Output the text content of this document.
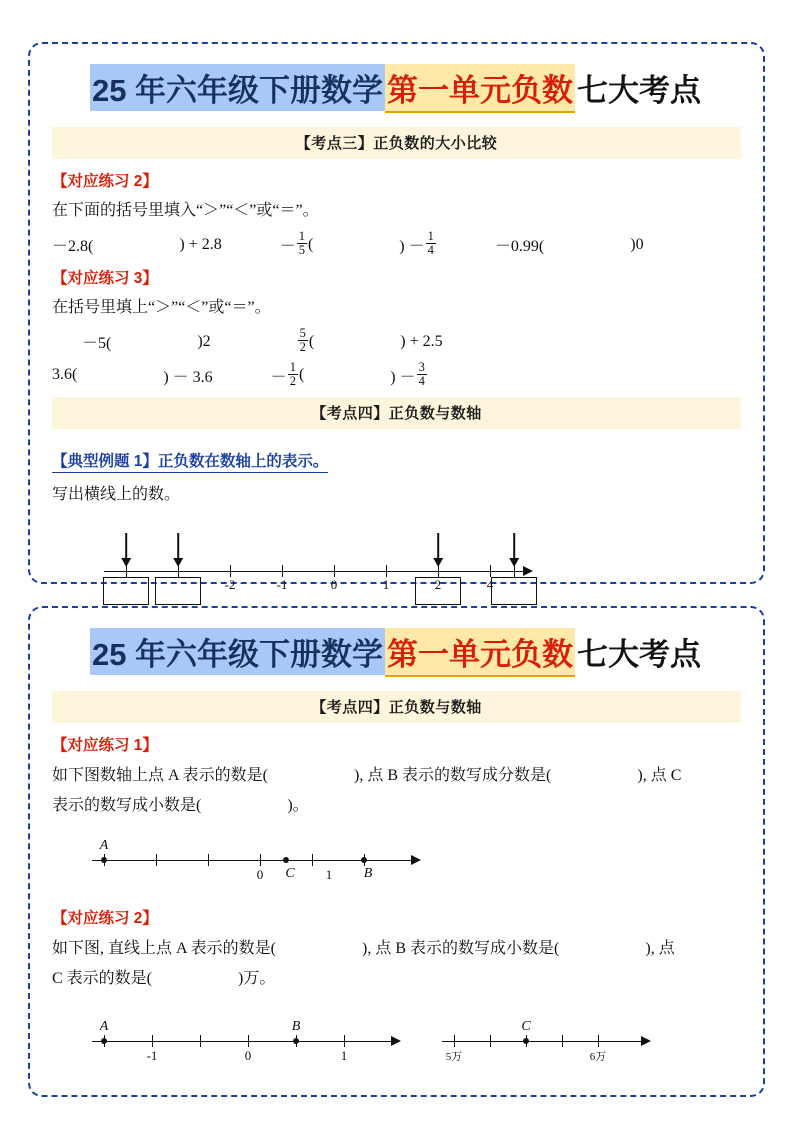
25 年六年级下册数学 第一单元负数 七大考点
【考点三】正负数的大小比较
【对应练习 2】
在下面的括号里填入“＞”“＜”或“＝”。
－2.8(	) + 2.8	－ $\frac{1}{5}$ (	) － $\frac{1}{4}$	－0.99(	)0
【对应练习 3】
在括号里填上“＞”“＜”或“＝”。
－5(	)2	$\frac{5}{2}$ (	) + 2.5
3.6(	) － 3.6	－ $\frac{1}{2}$ (	) － $\frac{3}{4}$
【考点四】正负数与数轴
【典型例题 1】正负数在数轴上的表示。
写出横线上的数。
-2	-1	0	1	2	4
25 年六年级下册数学 第一单元负数 七大考点
【考点四】正负数与数轴
【对应练习 1】
如下图数轴上点 A 表示的数是(	), 点 B 表示的数写成分数是(	), 点 C
表示的数写成小数是(	)。
A
C	B
0	1
【对应练习 2】
如下图, 直线上点 A 表示的数是(	), 点 B 表示的数写成小数是(	), 点
C 表示的数是(	)万。
A	B
-1	0	1
C
5万	6万
